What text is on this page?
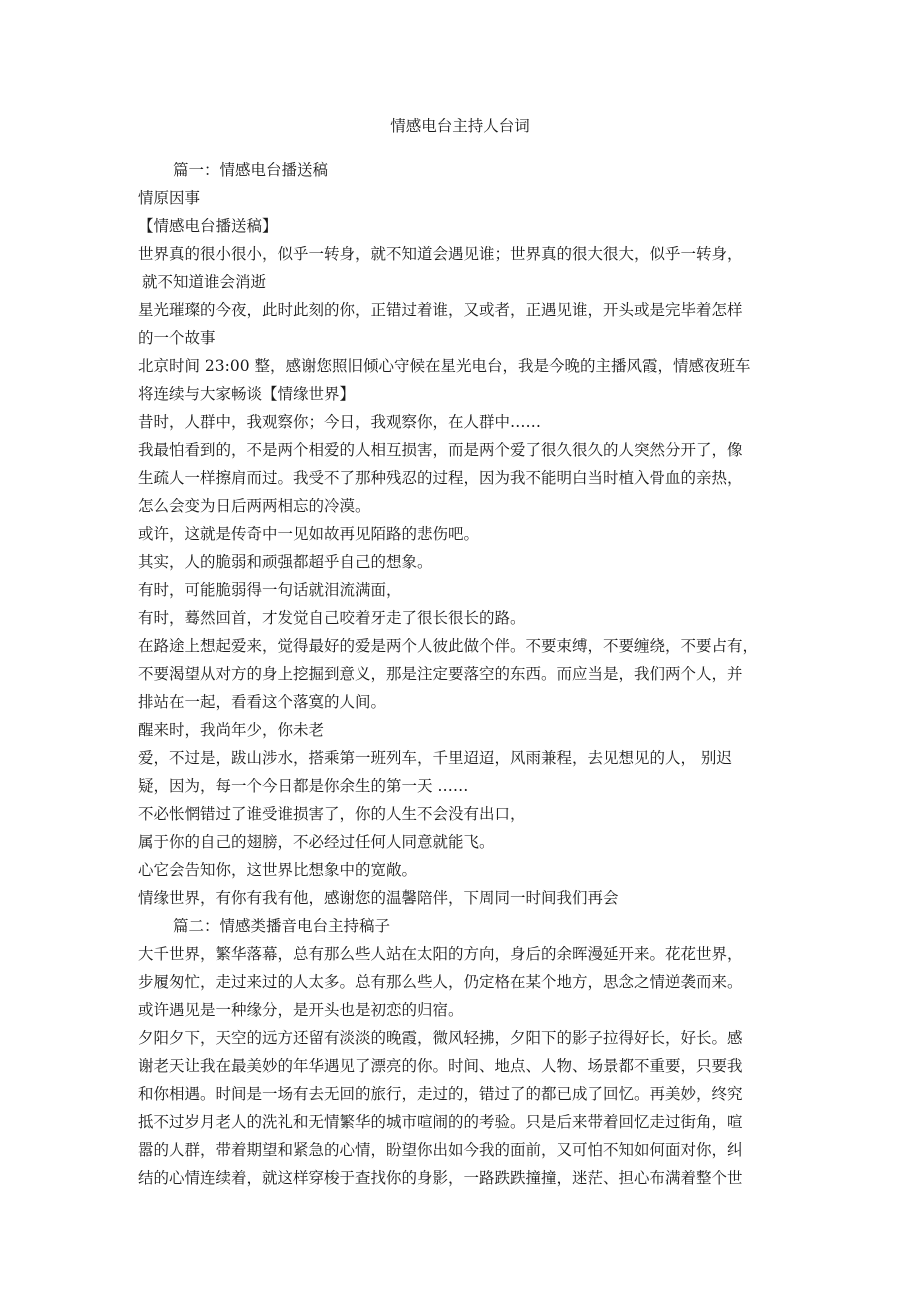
情感电台主持人台词

篇一：情感电台播送稿

情原因事

【情感电台播送稿】

世界真的很小很小，似乎一转身，就不知道会遇见谁；世界真的很大很大，似乎一转身，

就不知道谁会消逝

星光璀璨的今夜，此时此刻的你，正错过着谁，又或者，正遇见谁，开头或是完毕着怎样

的一个故事

北京时间 23:00 整，感谢您照旧倾心守候在星光电台，我是今晚的主播风霞，情感夜班车

将连续与大家畅谈【情缘世界】

昔时，人群中，我观察你；今日，我观察你，在人群中……

我最怕看到的，不是两个相爱的人相互损害，而是两个爱了很久很久的人突然分开了，像

生疏人一样擦肩而过。我受不了那种残忍的过程，因为我不能明白当时植入骨血的亲热，

怎么会变为日后两两相忘的冷漠。

或许，这就是传奇中一见如故再见陌路的悲伤吧。

其实，人的脆弱和顽强都超乎自己的想象。

有时，可能脆弱得一句话就泪流满面，

有时，蓦然回首，才发觉自己咬着牙走了很长很长的路。

在路途上想起爱来，觉得最好的爱是两个人彼此做个伴。不要束缚，不要缠绕，不要占有，

不要渴望从对方的身上挖掘到意义，那是注定要落空的东西。而应当是，我们两个人，并

排站在一起，看看这个落寞的人间。

醒来时，我尚年少，你未老

爱，不过是，跋山涉水，搭乘第一班列车，千里迢迢，风雨兼程，去见想见的人， 别迟

疑，因为，每一个今日都是你余生的第一天 ……

不必怅惘错过了谁受谁损害了，你的人生不会没有出口，

属于你的自己的翅膀，不必经过任何人同意就能飞。

心它会告知你，这世界比想象中的宽敞。

情缘世界，有你有我有他，感谢您的温馨陪伴，下周同一时间我们再会

篇二：情感类播音电台主持稿子

大千世界，繁华落幕，总有那么些人站在太阳的方向，身后的余晖漫延开来。花花世界，

步履匆忙，走过来过的人太多。总有那么些人，仍定格在某个地方，思念之情逆袭而来。

或许遇见是一种缘分，是开头也是初恋的归宿。

夕阳夕下，天空的远方还留有淡淡的晚霞，微风轻拂，夕阳下的影子拉得好长，好长。感

谢老天让我在最美妙的年华遇见了漂亮的你。时间、地点、人物、场景都不重要，只要我

和你相遇。时间是一场有去无回的旅行，走过的，错过了的都已成了回忆。再美妙，终究

抵不过岁月老人的洗礼和无情繁华的城市喧闹的的考验。只是后来带着回忆走过街角，喧

嚣的人群，带着期望和紧急的心情，盼望你出如今我的面前，又可怕不知如何面对你，纠

结的心情连续着，就这样穿梭于查找你的身影，一路跌跌撞撞，迷茫、担心布满着整个世
